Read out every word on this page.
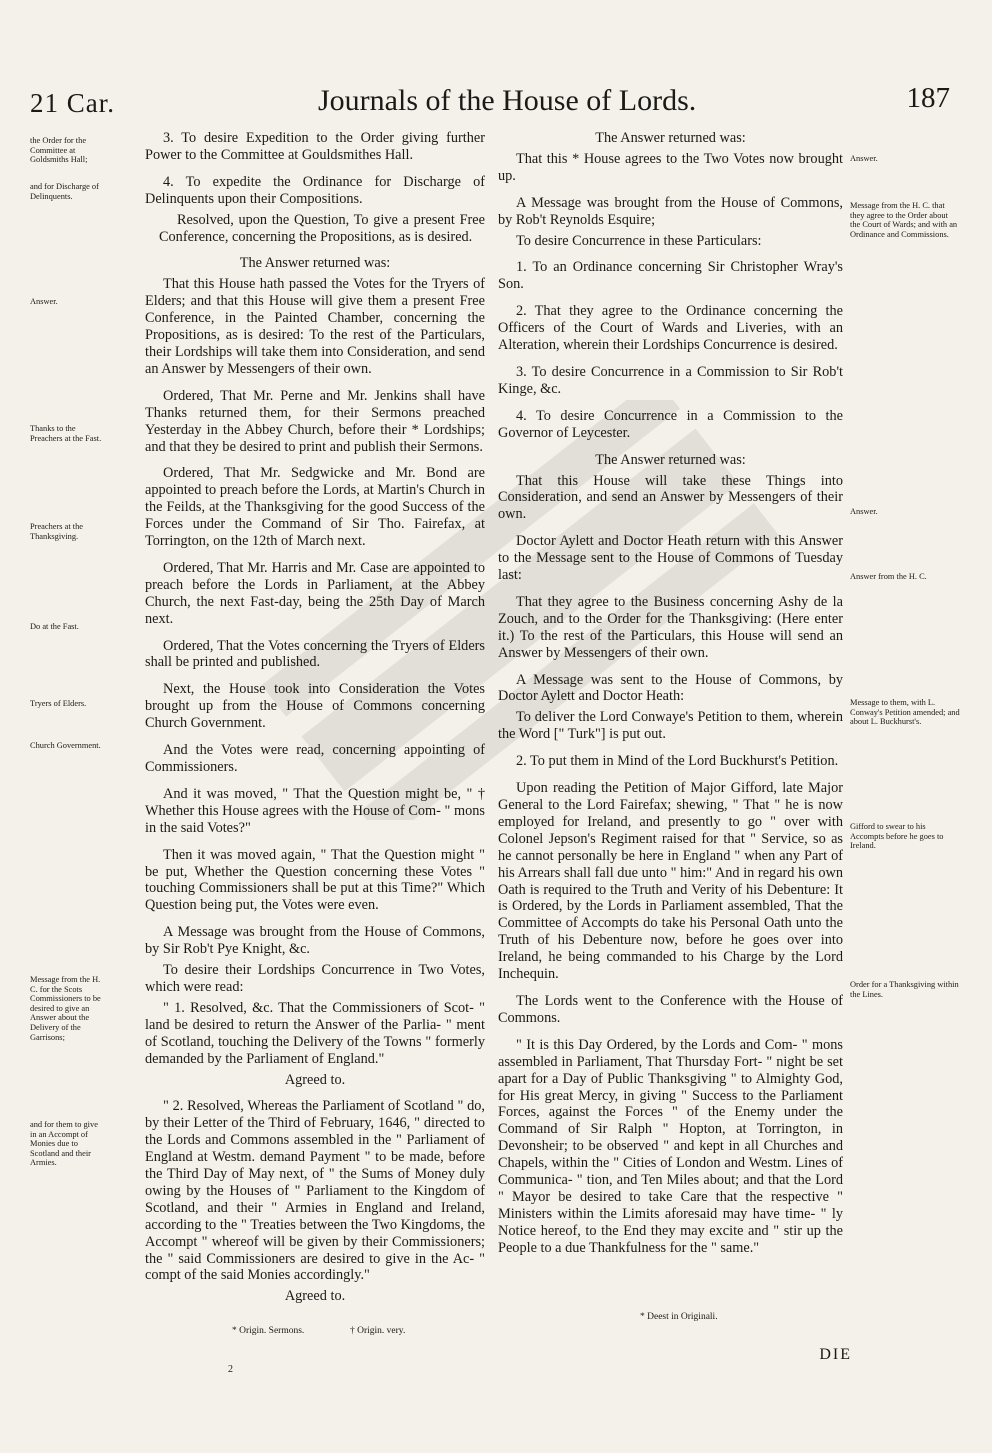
21 Car.	Journals of the House of Lords.	187
the Order for the Committee at Goldsmiths Hall;
and for Discharge of Delinquents.
Answer.
Thanks to the Preachers at the Fast.
Preachers at the Thanksgiving.
Do at the Fast.
Tryers of Elders.
Church Government.
Message from the H. C. for the Scots Commissioners to be desired to give an Answer about the Delivery of the Garrisons;
and for them to give in an Accompt of Monies due to Scotland and their Armies.
Answer.
Message from the H. C. that they agree to the Order about the Court of Wards; and with an Ordinance and Commissions.
Answer.
Answer from the H. C.
Message to them, with L. Conway's Petition amended; and about L. Buckhurst's.
Gifford to swear to his Accompts before he goes to Ireland.
Order for a Thanksgiving within the Lines.

3. To desire Expedition to the Order giving further Power to the Committee at Gouldsmithes Hall.

4. To expedite the Ordinance for Discharge of Delinquents upon their Compositions.

Resolved, upon the Question, To give a present Free Conference, concerning the Propositions, as is desired.

The Answer returned was:

That this House hath passed the Votes for the Tryers of Elders; and that this House will give them a present Free Conference, in the Painted Chamber, concerning the Propositions, as is desired: To the rest of the Particulars, their Lordships will take them into Consideration, and send an Answer by Messengers of their own.

Ordered, That Mr. Perne and Mr. Jenkins shall have Thanks returned them, for their Sermons preached Yesterday in the Abbey Church, before their * Lordships; and that they be desired to print and publish their Sermons.

Ordered, That Mr. Sedgwicke and Mr. Bond are appointed to preach before the Lords, at Martin's Church in the Feilds, at the Thanksgiving for the good Success of the Forces under the Command of Sir Tho. Fairefax, at Torrington, on the 12th of March next.

Ordered, That Mr. Harris and Mr. Case are appointed to preach before the Lords in Parliament, at the Abbey Church, the next Fast-day, being the 25th Day of March next.

Ordered, That the Votes concerning the Tryers of Elders shall be printed and published.

Next, the House took into Consideration the Votes brought up from the House of Commons concerning Church Government.

And the Votes were read, concerning appointing of Commissioners.

And it was moved, " That the Question might be, " † Whether this House agrees with the House of Com- " mons in the said Votes?"

Then it was moved again, " That the Question might " be put, Whether the Question concerning these Votes " touching Commissioners shall be put at this Time?" Which Question being put, the Votes were even.

A Message was brought from the House of Commons, by Sir Rob't Pye Knight, &c.

To desire their Lordships Concurrence in Two Votes, which were read:

" 1. Resolved, &c. That the Commissioners of Scot- " land be desired to return the Answer of the Parlia- " ment of Scotland, touching the Delivery of the Towns " formerly demanded by the Parliament of England."

Agreed to.

" 2. Resolved, Whereas the Parliament of Scotland " do, by their Letter of the Third of February, 1646, " directed to the Lords and Commons assembled in the " Parliament of England at Westm. demand Payment " to be made, before the Third Day of May next, of " the Sums of Money duly owing by the Houses of " Parliament to the Kingdom of Scotland, and their " Armies in England and Ireland, according to the " Treaties between the Two Kingdoms, the Accompt " whereof will be given by their Commissioners; the " said Commissioners are desired to give in the Ac- " compt of the said Monies accordingly."

Agreed to.

The Answer returned was:

That this * House agrees to the Two Votes now brought up.

A Message was brought from the House of Commons, by Rob't Reynolds Esquire;

To desire Concurrence in these Particulars:

1. To an Ordinance concerning Sir Christopher Wray's Son.

2. That they agree to the Ordinance concerning the Officers of the Court of Wards and Liveries, with an Alteration, wherein their Lordships Concurrence is desired.

3. To desire Concurrence in a Commission to Sir Rob't Kinge, &c.

4. To desire Concurrence in a Commission to the Governor of Leycester.

The Answer returned was:

That this House will take these Things into Consideration, and send an Answer by Messengers of their own.

Doctor Aylett and Doctor Heath return with this Answer to the Message sent to the House of Commons of Tuesday last:

That they agree to the Business concerning Ashy de la Zouch, and to the Order for the Thanksgiving: (Here enter it.) To the rest of the Particulars, this House will send an Answer by Messengers of their own.

A Message was sent to the House of Commons, by Doctor Aylett and Doctor Heath:

To deliver the Lord Conwaye's Petition to them, wherein the Word [" Turk"] is put out.

2. To put them in Mind of the Lord Buckhurst's Petition.

Upon reading the Petition of Major Gifford, late Major General to the Lord Fairefax; shewing, " That " he is now employed for Ireland, and presently to go " over with Colonel Jepson's Regiment raised for that " Service, so as he cannot personally be here in England " when any Part of his Arrears shall fall due unto " him:" And in regard his own Oath is required to the Truth and Verity of his Debenture: It is Ordered, by the Lords in Parliament assembled, That the Committee of Accompts do take his Personal Oath unto the Truth of his Debenture now, before he goes over into Ireland, he being commanded to his Charge by the Lord Inchequin.

The Lords went to the Conference with the House of Commons.

" It is this Day Ordered, by the Lords and Com- " mons assembled in Parliament, That Thursday Fort- " night be set apart for a Day of Public Thanksgiving " to Almighty God, for His great Mercy, in giving " Success to the Parliament Forces, against the Forces " of the Enemy under the Command of Sir Ralph " Hopton, at Torrington, in Devonsheir; to be observed " and kept in all Churches and Chapels, within the " Cities of London and Westm. Lines of Communica- " tion, and Ten Miles about; and that the Lord " Mayor be desired to take Care that the respective " Ministers within the Limits aforesaid may have time- " ly Notice hereof, to the End they may excite and " stir up the People to a due Thankfulness for the " same."

* Origin. Sermons.	† Origin. very.
* Deest in Originali.
2
DIE
